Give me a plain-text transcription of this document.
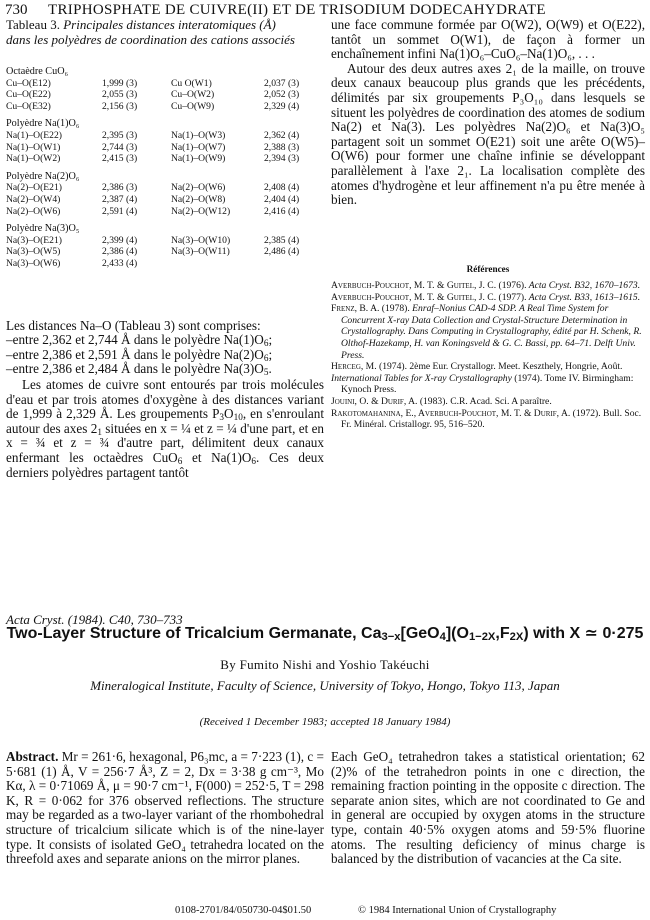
730 TRIPHOSPHATE DE CUIVRE(II) ET DE TRISODIUM DODECAHYDRATE
Tableau 3. Principales distances interatomiques (Å)
dans les polyèdres de coordination des cations associés
Octaèdre CuO₆
Cu–O(E12)	1,999 (3)	Cu O(W1)	2,037 (3)
Cu–O(E22)	2,055 (3)	Cu–O(W2)	2,052 (3)
Cu–O(E32)	2,156 (3)	Cu–O(W9)	2,329 (4)
Polyèdre Na(1)O₆
Na(1)–O(E22)	2,395 (3)	Na(1)–O(W3)	2,362 (4)
Na(1)–O(W1)	2,744 (3)	Na(1)–O(W7)	2,388 (3)
Na(1)–O(W2)	2,415 (3)	Na(1)–O(W9)	2,394 (3)
Polyèdre Na(2)O₆
Na(2)–O(E21)	2,386 (3)	Na(2)–O(W6)	2,408 (4)
Na(2)–O(W4)	2,387 (4)	Na(2)–O(W8)	2,404 (4)
Na(2)–O(W6)	2,591 (4)	Na(2)–O(W12)	2,416 (4)
Polyèdre Na(3)O₅
Na(3)–O(E21)	2,399 (4)	Na(3)–O(W10)	2,385 (4)
Na(3)–O(W5)	2,386 (4)	Na(3)–O(W11)	2,486 (4)
Na(3)–O(W6)	2,433 (4)
Les distances Na–O (Tableau 3) sont comprises:
–entre 2,362 et 2,744 Å dans le polyèdre $Na(1)O_6$;
–entre 2,386 et 2,591 Å dans le polyèdre $Na(2)O_6$;
–entre 2,386 et 2,484 Å dans le polyèdre $Na(3)O_5$.
Les atomes de cuivre sont entourés par trois molécules d'eau et par trois atomes d'oxygène à des distances variant de 1,999 à 2,329 Å. Les groupements $P_3O_{10}$, en s'enroulant autour des axes $2_1$ situées en x = ¼ et z = ¼ d'une part, et en x = ¾ et z = ¾ d'autre part, délimitent deux canaux enfermant les octaèdres CuO$_6$ et $Na(1)O_6$. Ces deux derniers polyèdres partagent tantôt

une face commune formée par O(W2), O(W9) et O(E22), tantôt un sommet O(W1), de façon à former un enchaînement infini Na(1)O₆–CuO₆–Na(1)O₆, . . .

Autour des deux autres axes 2₁ de la maille, on trouve deux canaux beaucoup plus grands que les précédents, délimités par six groupements P₃O₁₀ dans lesquels se situent les polyèdres de coordination des atomes de sodium Na(2) et Na(3). Les polyèdres Na(2)O₆ et Na(3)O₅ partagent soit un sommet O(E21) soit une arête O(W5)–O(W6) pour former une chaîne infinie se développant parallèlement à l'axe 2₁. La localisation complète des atomes d'hydrogène et leur affinement n'a pu être menée à bien.

Références

Averbuch-Pouchot, M. T. & Guitel, J. C. (1976). Acta Cryst. B32, 1670–1673.

Averbuch-Pouchot, M. T. & Guitel, J. C. (1977). Acta Cryst. B33, 1613–1615.

Frenz, B. A. (1978). Enraf–Nonius CAD-4 SDP. A Real Time System for Concurrent X-ray Data Collection and Crystal-Structure Determination in Crystallography. Dans Computing in Crystallography, édité par H. Schenk, R. Olthof-Hazekamp, H. van Koningsveld & G. C. Bassi, pp. 64–71. Delft Univ. Press.

Herceg, M. (1974). 2ème Eur. Crystallogr. Meet. Keszthely, Hongrie, Août.

International Tables for X-ray Crystallography (1974). Tome IV. Birmingham: Kynoch Press.

Jouini, O. & Durif, A. (1983). C.R. Acad. Sci. A paraître.

Rakotomahanina, E., Averbuch-Pouchot, M. T. & Durif, A. (1972). Bull. Soc. Fr. Minéral. Cristallogr. 95, 516–520.

Acta Cryst. (1984). C40, 730–733
Two-Layer Structure of Tricalcium Germanate, $Ca_{3-x}[GeO_4](O_{1-2X},F_{2X})$ with X ≃ 0·275
By Fumito Nishi and Yoshio Takéuchi
Mineralogical Institute, Faculty of Science, University of Tokyo, Hongo, Tokyo 113, Japan
(Received 1 December 1983; accepted 18 January 1984)
Abstract. Mr = 261·6, hexagonal, P6₃mc, a = 7·223 (1), c = 5·681 (1) Å, V = 256·7 Å³, Z = 2, Dx = 3·38 g cm⁻³, Mo Kα, λ = 0·71069 Å, μ = 90·7 cm⁻¹, F(000) = 252·5, T = 298 K, R = 0·062 for 376 observed reflections. The structure may be regarded as a two-layer variant of the rhombohedral structure of tricalcium silicate which is of the nine-layer type. It consists of isolated GeO₄ tetrahedra located on the threefold axes and separate anions on the mirror planes.
Each GeO₄ tetrahedron takes a statistical orientation; 62 (2)% of the tetrahedron points in one c direction, the remaining fraction pointing in the opposite c direction. The separate anion sites, which are not coordinated to Ge and in general are occupied by oxygen atoms in the structure type, contain 40·5% oxygen atoms and 59·5% fluorine atoms. The resulting deficiency of minus charge is balanced by the distribution of vacancies at the Ca site.
0108-2701/84/050730-04$01.50	© 1984 International Union of Crystallography
